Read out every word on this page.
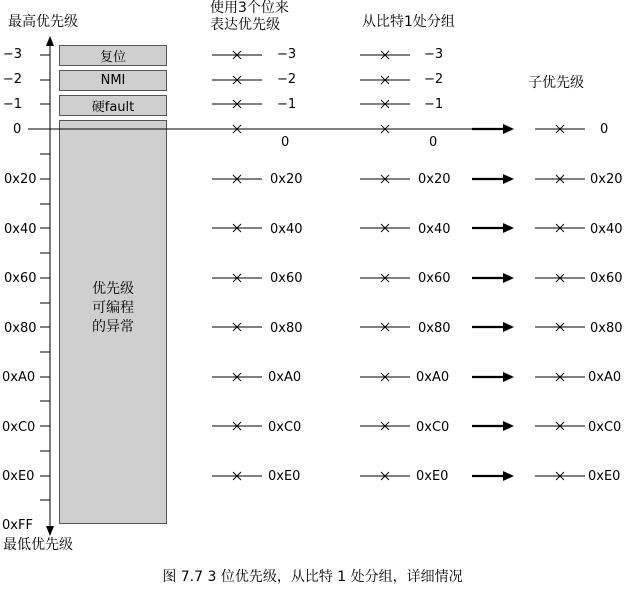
最高优先级
使用3个位来
表达优先级	从比特1处分组
子优先级
复位
NMI
硬fault
优先级
可编程
的异常
−3
−2
−1
0
0x20
0x40
0x60
0x80
0xA0
0xC0
0xE0
0xFF
最低优先级
−3
−2
−1
0
0x20
0x40
0x60
0x80
0xA0
0xC0
0xE0
−3
−2
−1
0
0x20
0x40
0x60
0x80
0xA0
0xC0
0xE0
0
0x20
0x40
0x60
0x80
0xA0
0xC0
0xE0
图 7.7 3 位优先级，从比特 1 处分组，详细情况
